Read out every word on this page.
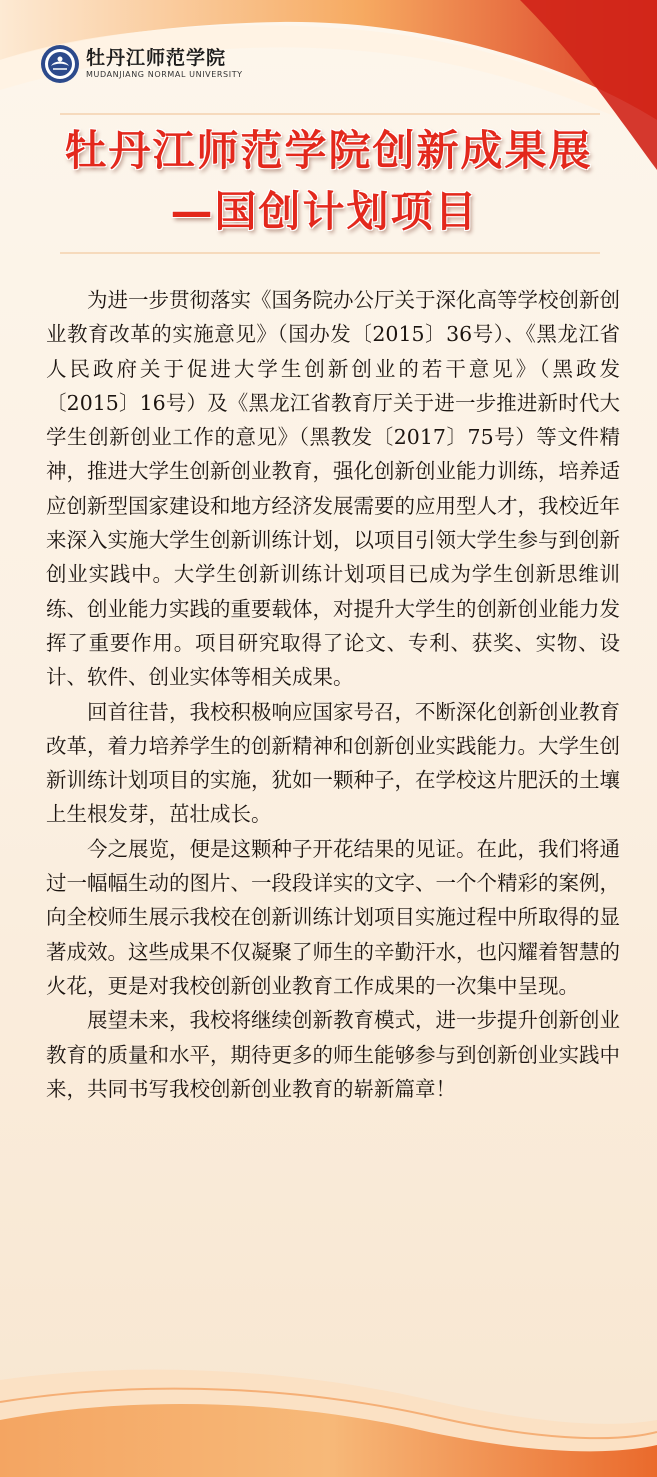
牡丹江师范学院
MUDANJIANG NORMAL UNIVERSITY
牡丹江师范学院创新成果展
—国创计划项目

为进一步贯彻落实《国务院办公厅关于深化高等学校创新创业教育改革的实施意见》（国办发〔2015〕36号）、《黑龙江省人民政府关于促进大学生创新创业的若干意见》（黑政发〔2015〕16号）及《黑龙江省教育厅关于进一步推进新时代大学生创新创业工作的意见》（黑教发〔2017〕75号）等文件精神，推进大学生创新创业教育，强化创新创业能力训练，培养适应创新型国家建设和地方经济发展需要的应用型人才，我校近年来深入实施大学生创新训练计划，以项目引领大学生参与到创新创业实践中。大学生创新训练计划项目已成为学生创新思维训练、创业能力实践的重要载体，对提升大学生的创新创业能力发挥了重要作用。项目研究取得了论文、专利、获奖、实物、设计、软件、创业实体等相关成果。

回首往昔，我校积极响应国家号召，不断深化创新创业教育改革，着力培养学生的创新精神和创新创业实践能力。大学生创新训练计划项目的实施，犹如一颗种子，在学校这片肥沃的土壤上生根发芽，茁壮成长。

今之展览，便是这颗种子开花结果的见证。在此，我们将通过一幅幅生动的图片、一段段详实的文字、一个个精彩的案例，向全校师生展示我校在创新训练计划项目实施过程中所取得的显著成效。这些成果不仅凝聚了师生的辛勤汗水，也闪耀着智慧的火花，更是对我校创新创业教育工作成果的一次集中呈现。

展望未来，我校将继续创新教育模式，进一步提升创新创业教育的质量和水平，期待更多的师生能够参与到创新创业实践中来，共同书写我校创新创业教育的崭新篇章！
